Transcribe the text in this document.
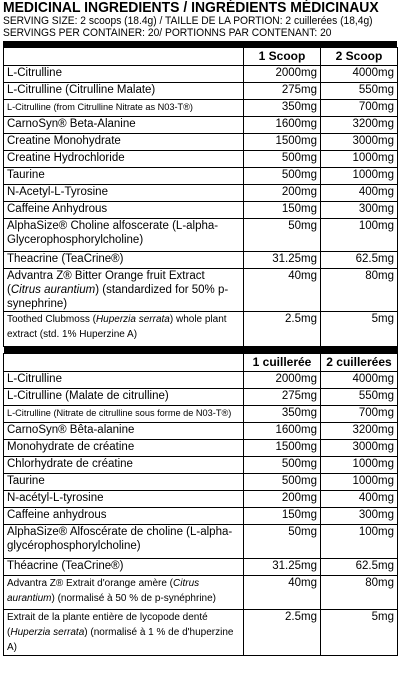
MEDICINAL INGREDIENTS / INGRÉDIENTS MÉDICINAUX
SERVING SIZE: 2 scoops (18.4g) / TAILLE DE LA PORTION: 2 cuillerées (18,4g)
SERVINGS PER CONTAINER: 20/ PORTIONNS PAR CONTENANT: 20
	1 Scoop	2 Scoop
L-Citrulline	2000mg	4000mg
L-Citrulline (Citrulline Malate)	275mg	550mg
L-Citrulline (from Citrulline Nitrate as N03-T®)	350mg	700mg
CarnoSyn® Beta-Alanine	1600mg	3200mg
Creatine Monohydrate	1500mg	3000mg
Creatine Hydrochloride	500mg	1000mg
Taurine	500mg	1000mg
N-Acetyl-L-Tyrosine	200mg	400mg
Caffeine Anhydrous	150mg	300mg
AlphaSize® Choline alfoscerate (L-alpha-Glycerophosphorylcholine)	50mg	100mg
Theacrine (TeaCrine®)	31.25mg	62.5mg
Advantra Z® Bitter Orange fruit Extract (Citrus aurantium) (standardized for 50% p-synephrine)	40mg	80mg
Toothed Clubmoss (Huperzia serrata) whole plant extract (std. 1% Huperzine A)	2.5mg	5mg

	1 cuillerée	2 cuillerées
L-Citrulline	2000mg	4000mg
L-Citrulline (Malate de citrulline)	275mg	550mg
L-Citrulline (Nitrate de citrulline sous forme de N03-T®)	350mg	700mg
CarnoSyn® Bêta-alanine	1600mg	3200mg
Monohydrate de créatine	1500mg	3000mg
Chlorhydrate de créatine	500mg	1000mg
Taurine	500mg	1000mg
N-acétyl-L-tyrosine	200mg	400mg
Caffeine anhydrous	150mg	300mg
AlphaSize® Alfoscérate de choline (L-alpha-glycérophosphorylcholine)	50mg	100mg
Théacrine (TeaCrine®)	31.25mg	62.5mg
Advantra Z® Extrait d'orange amère (Citrus aurantium) (normalisé à 50 % de p-synéphrine)	40mg	80mg
Extrait de la plante entière de lycopode denté (Huperzia serrata) (normalisé à 1 % de d'huperzine A)	2.5mg	5mg
